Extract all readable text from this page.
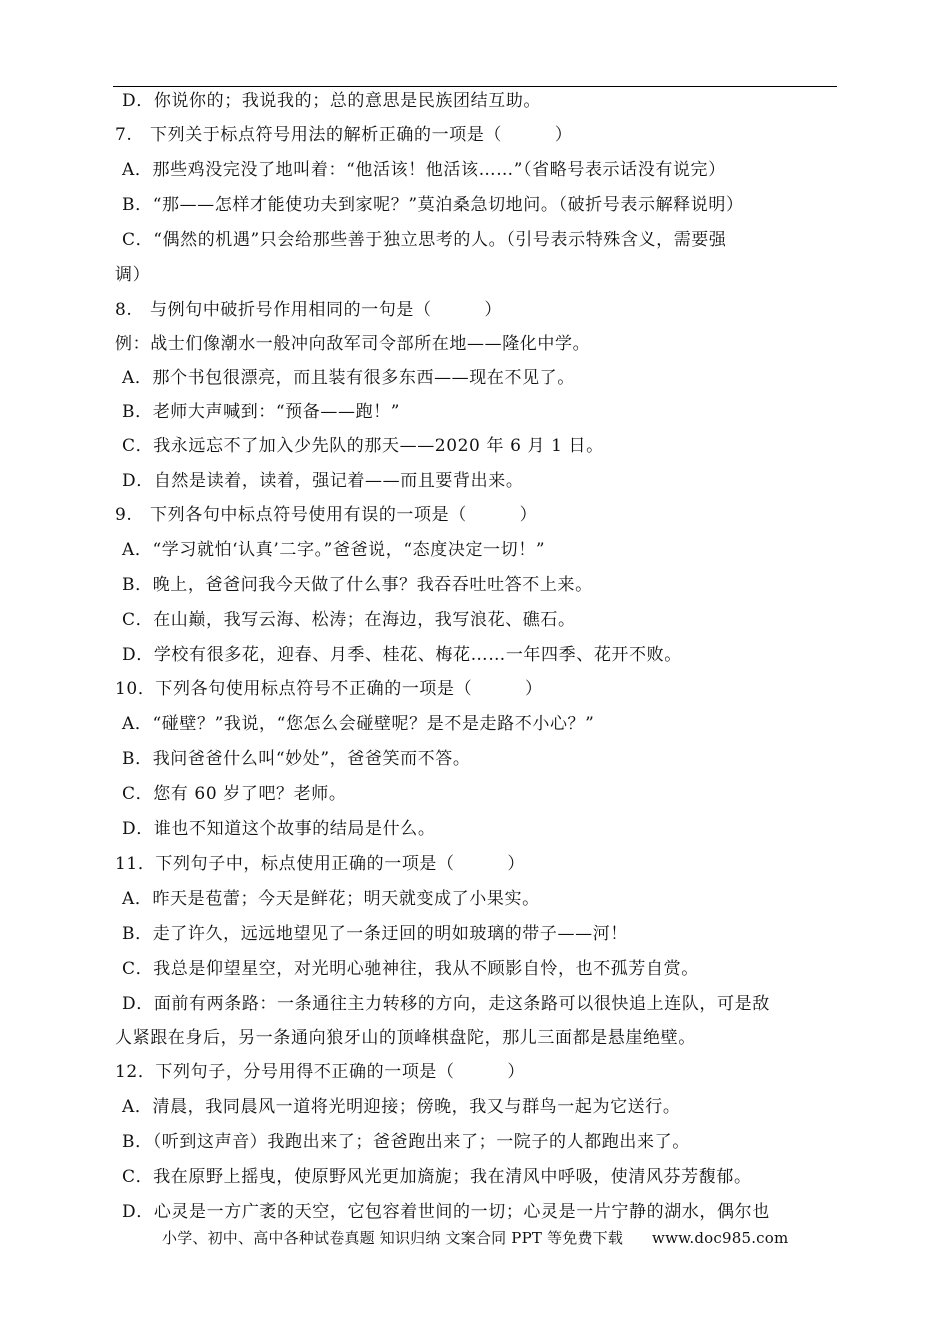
D．你说你的；我说我的；总的意思是民族团结互助。
7.　下列关于标点符号用法的解析正确的一项是（　　　）
A．那些鸡没完没了地叫着：“他活该！他活该……”（省略号表示话没有说完）
B．“那——怎样才能使功夫到家呢？”莫泊桑急切地问。（破折号表示解释说明）
C．“偶然的机遇”只会给那些善于独立思考的人。（引号表示特殊含义，需要强
调）
8.　与例句中破折号作用相同的一句是（　　　）
例：战士们像潮水一般冲向敌军司令部所在地——隆化中学。
A．那个书包很漂亮，而且装有很多东西——现在不见了。
B．老师大声喊到：“预备——跑！”
C．我永远忘不了加入少先队的那天——2020 年 6 月 1 日。
D．自然是读着，读着，强记着——而且要背出来。
9.　下列各句中标点符号使用有误的一项是（　　　）
A．“学习就怕‘认真’二字。”爸爸说，“态度决定一切！”
B．晚上，爸爸问我今天做了什么事？我吞吞吐吐答不上来。
C．在山巅，我写云海、松涛；在海边，我写浪花、礁石。
D．学校有很多花，迎春、月季、桂花、梅花……一年四季、花开不败。
10．下列各句使用标点符号不正确的一项是（　　　）
A．“碰壁？”我说，“您怎么会碰壁呢？是不是走路不小心？”
B．我问爸爸什么叫“妙处”，爸爸笑而不答。
C．您有 60 岁了吧？老师。
D．谁也不知道这个故事的结局是什么。
11．下列句子中，标点使用正确的一项是（　　　）
A．昨天是苞蕾；今天是鲜花；明天就变成了小果实。
B．走了许久，远远地望见了一条迂回的明如玻璃的带子——河！
C．我总是仰望星空，对光明心驰神往，我从不顾影自怜，也不孤芳自赏。
D．面前有两条路：一条通往主力转移的方向，走这条路可以很快追上连队，可是敌
人紧跟在身后，另一条通向狼牙山的顶峰棋盘陀，那儿三面都是悬崖绝壁。
12．下列句子，分号用得不正确的一项是（　　　）
A．清晨，我同晨风一道将光明迎接；傍晚，我又与群鸟一起为它送行。
B．（听到这声音）我跑出来了；爸爸跑出来了；一院子的人都跑出来了。
C．我在原野上摇曳，使原野风光更加旖旎；我在清风中呼吸，使清风芬芳馥郁。
D．心灵是一方广袤的天空，它包容着世间的一切；心灵是一片宁静的湖水，偶尔也
小学、初中、高中各种试卷真题 知识归纳 文案合同 PPT 等免费下载 www.doc985.com
